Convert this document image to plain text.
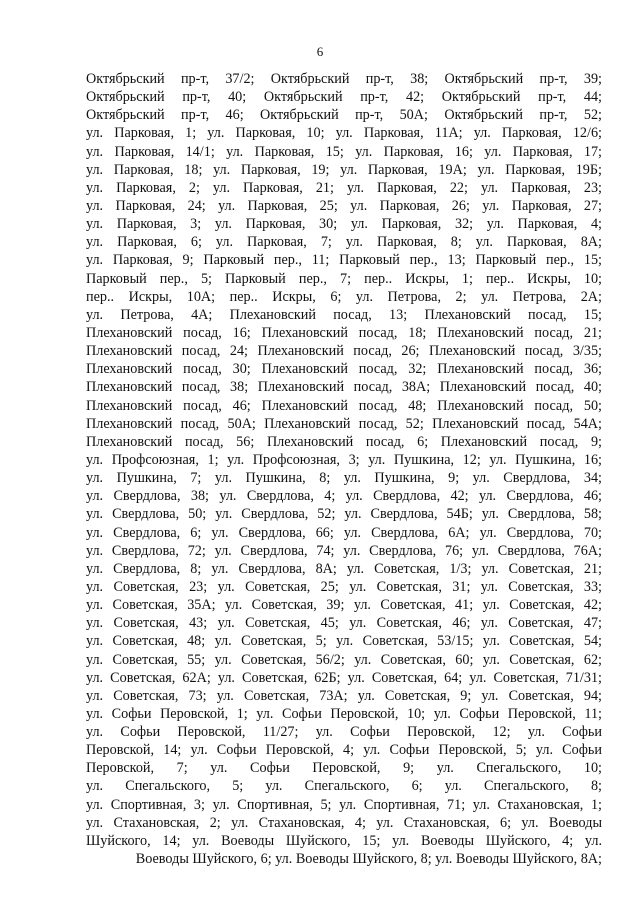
6
Октябрьский пр-т, 37/2; Октябрьский пр-т, 38; Октябрьский пр-т, 39;
Октябрьский пр-т, 40; Октябрьский пр-т, 42; Октябрьский пр-т, 44;
Октябрьский пр-т, 46; Октябрьский пр-т, 50А; Октябрьский пр-т, 52;
ул. Парковая, 1; ул. Парковая, 10; ул. Парковая, 11А; ул. Парковая, 12/6;
ул. Парковая, 14/1; ул. Парковая, 15; ул. Парковая, 16; ул. Парковая, 17;
ул. Парковая, 18; ул. Парковая, 19; ул. Парковая, 19А; ул. Парковая, 19Б;
ул. Парковая, 2; ул. Парковая, 21; ул. Парковая, 22; ул. Парковая, 23;
ул. Парковая, 24; ул. Парковая, 25; ул. Парковая, 26; ул. Парковая, 27;
ул. Парковая, 3; ул. Парковая, 30; ул. Парковая, 32; ул. Парковая, 4;
ул. Парковая, 6; ул. Парковая, 7; ул. Парковая, 8; ул. Парковая, 8А;
ул. Парковая, 9; Парковый пер., 11; Парковый пер., 13; Парковый пер., 15;
Парковый пер., 5; Парковый пер., 7; пер.. Искры, 1; пер.. Искры, 10;
пер.. Искры, 10А; пер.. Искры, 6; ул. Петрова, 2; ул. Петрова, 2А;
ул. Петрова, 4А; Плехановский посад, 13; Плехановский посад, 15;
Плехановский посад, 16; Плехановский посад, 18; Плехановский посад, 21;
Плехановский посад, 24; Плехановский посад, 26; Плехановский посад, 3/35;
Плехановский посад, 30; Плехановский посад, 32; Плехановский посад, 36;
Плехановский посад, 38; Плехановский посад, 38А; Плехановский посад, 40;
Плехановский посад, 46; Плехановский посад, 48; Плехановский посад, 50;
Плехановский посад, 50А; Плехановский посад, 52; Плехановский посад, 54А;
Плехановский посад, 56; Плехановский посад, 6; Плехановский посад, 9;
ул. Профсоюзная, 1; ул. Профсоюзная, 3; ул. Пушкина, 12; ул. Пушкина, 16;
ул. Пушкина, 7; ул. Пушкина, 8; ул. Пушкина, 9; ул. Свердлова, 34;
ул. Свердлова, 38; ул. Свердлова, 4; ул. Свердлова, 42; ул. Свердлова, 46;
ул. Свердлова, 50; ул. Свердлова, 52; ул. Свердлова, 54Б; ул. Свердлова, 58;
ул. Свердлова, 6; ул. Свердлова, 66; ул. Свердлова, 6А; ул. Свердлова, 70;
ул. Свердлова, 72; ул. Свердлова, 74; ул. Свердлова, 76; ул. Свердлова, 76А;
ул. Свердлова, 8; ул. Свердлова, 8А; ул. Советская, 1/3; ул. Советская, 21;
ул. Советская, 23; ул. Советская, 25; ул. Советская, 31; ул. Советская, 33;
ул. Советская, 35А; ул. Советская, 39; ул. Советская, 41; ул. Советская, 42;
ул. Советская, 43; ул. Советская, 45; ул. Советская, 46; ул. Советская, 47;
ул. Советская, 48; ул. Советская, 5; ул. Советская, 53/15; ул. Советская, 54;
ул. Советская, 55; ул. Советская, 56/2; ул. Советская, 60; ул. Советская, 62;
ул. Советская, 62А; ул. Советская, 62Б; ул. Советская, 64; ул. Советская, 71/31;
ул. Советская, 73; ул. Советская, 73А; ул. Советская, 9; ул. Советская, 94;
ул. Софьи Перовской, 1; ул. Софьи Перовской, 10; ул. Софьи Перовской, 11;
ул. Софьи Перовской, 11/27; ул. Софьи Перовской, 12; ул. Софьи
Перовской, 14; ул. Софьи Перовской, 4; ул. Софьи Перовской, 5; ул. Софьи
Перовской, 7; ул. Софьи Перовской, 9; ул. Спегальского, 10;
ул. Спегальского, 5; ул. Спегальского, 6; ул. Спегальского, 8;
ул. Спортивная, 3; ул. Спортивная, 5; ул. Спортивная, 71; ул. Стахановская, 1;
ул. Стахановская, 2; ул. Стахановская, 4; ул. Стахановская, 6; ул. Воеводы
Шуйского, 14; ул. Воеводы Шуйского, 15; ул. Воеводы Шуйского, 4; ул.
Воеводы Шуйского, 6; ул. Воеводы Шуйского, 8; ул. Воеводы Шуйского, 8А;
